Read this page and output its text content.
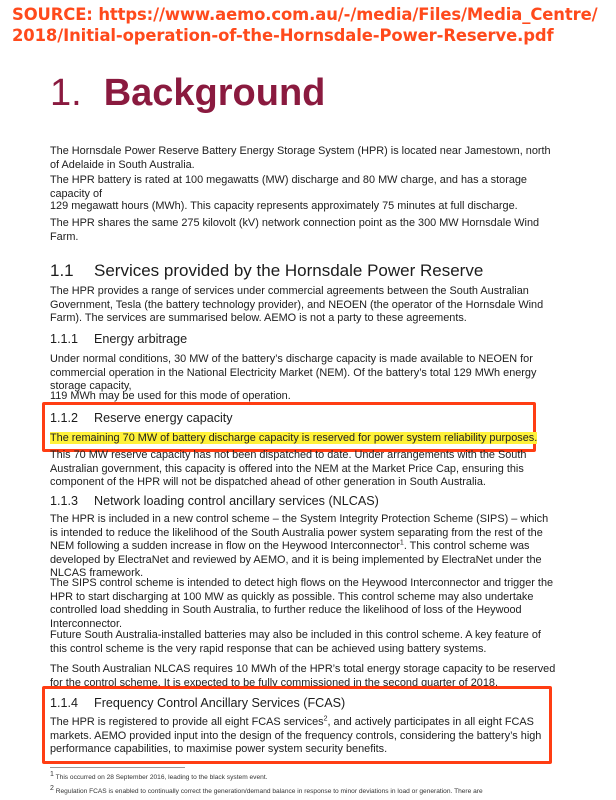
SOURCE: https://www.aemo.com.au/-/media/Files/Media_Centre/
2018/Initial-operation-of-the-Hornsdale-Power-Reserve.pdf
1. Background

The Hornsdale Power Reserve Battery Energy Storage System (HPR) is located near Jamestown, north of Adelaide in South Australia.

The HPR battery is rated at 100 megawatts (MW) discharge and 80 MW charge, and has a storage capacity of

129 megawatt hours (MWh). This capacity represents approximately 75 minutes at full discharge.

The HPR shares the same 275 kilovolt (kV) network connection point as the 300 MW Hornsdale Wind Farm.

1.1 Services provided by the Hornsdale Power Reserve

The HPR provides a range of services under commercial agreements between the South Australian Government, Tesla (the battery technology provider), and NEOEN (the operator of the Hornsdale Wind Farm). The services are summarised below. AEMO is not a party to these agreements.

1.1.1 Energy arbitrage

Under normal conditions, 30 MW of the battery’s discharge capacity is made available to NEOEN for commercial operation in the National Electricity Market (NEM). Of the battery’s total 129 MWh energy storage capacity,

119 MWh may be used for this mode of operation.

1.1.2 Reserve energy capacity

The remaining 70 MW of battery discharge capacity is reserved for power system reliability purposes.

This 70 MW reserve capacity has not been dispatched to date. Under arrangements with the South Australian government, this capacity is offered into the NEM at the Market Price Cap, ensuring this component of the HPR will not be dispatched ahead of other generation in South Australia.

1.1.3 Network loading control ancillary services (NLCAS)

The HPR is included in a new control scheme – the System Integrity Protection Scheme (SIPS) – which is intended to reduce the likelihood of the South Australia power system separating from the rest of the NEM following a sudden increase in flow on the Heywood Interconnector$^1$. This control scheme was developed by ElectraNet and reviewed by AEMO, and it is being implemented by ElectraNet under the NLCAS framework.

The SIPS control scheme is intended to detect high flows on the Heywood Interconnector and trigger the HPR to start discharging at 100 MW as quickly as possible. This control scheme may also undertake controlled load shedding in South Australia, to further reduce the likelihood of loss of the Heywood Interconnector.

Future South Australia-installed batteries may also be included in this control scheme. A key feature of this control scheme is the very rapid response that can be achieved using battery systems.

The South Australian NLCAS requires 10 MWh of the HPR’s total energy storage capacity to be reserved for the control scheme. It is expected to be fully commissioned in the second quarter of 2018.

1.1.4 Frequency Control Ancillary Services (FCAS)

The HPR is registered to provide all eight FCAS services$^2$, and actively participates in all eight FCAS markets. AEMO provided input into the design of the frequency controls, considering the battery’s high performance capabilities, to maximise power system security benefits.

$^1$ This occurred on 28 September 2016, leading to the black system event.
$^2$ Regulation FCAS is enabled to continually correct the generation/demand balance in response to minor deviations in load or generation. There are
